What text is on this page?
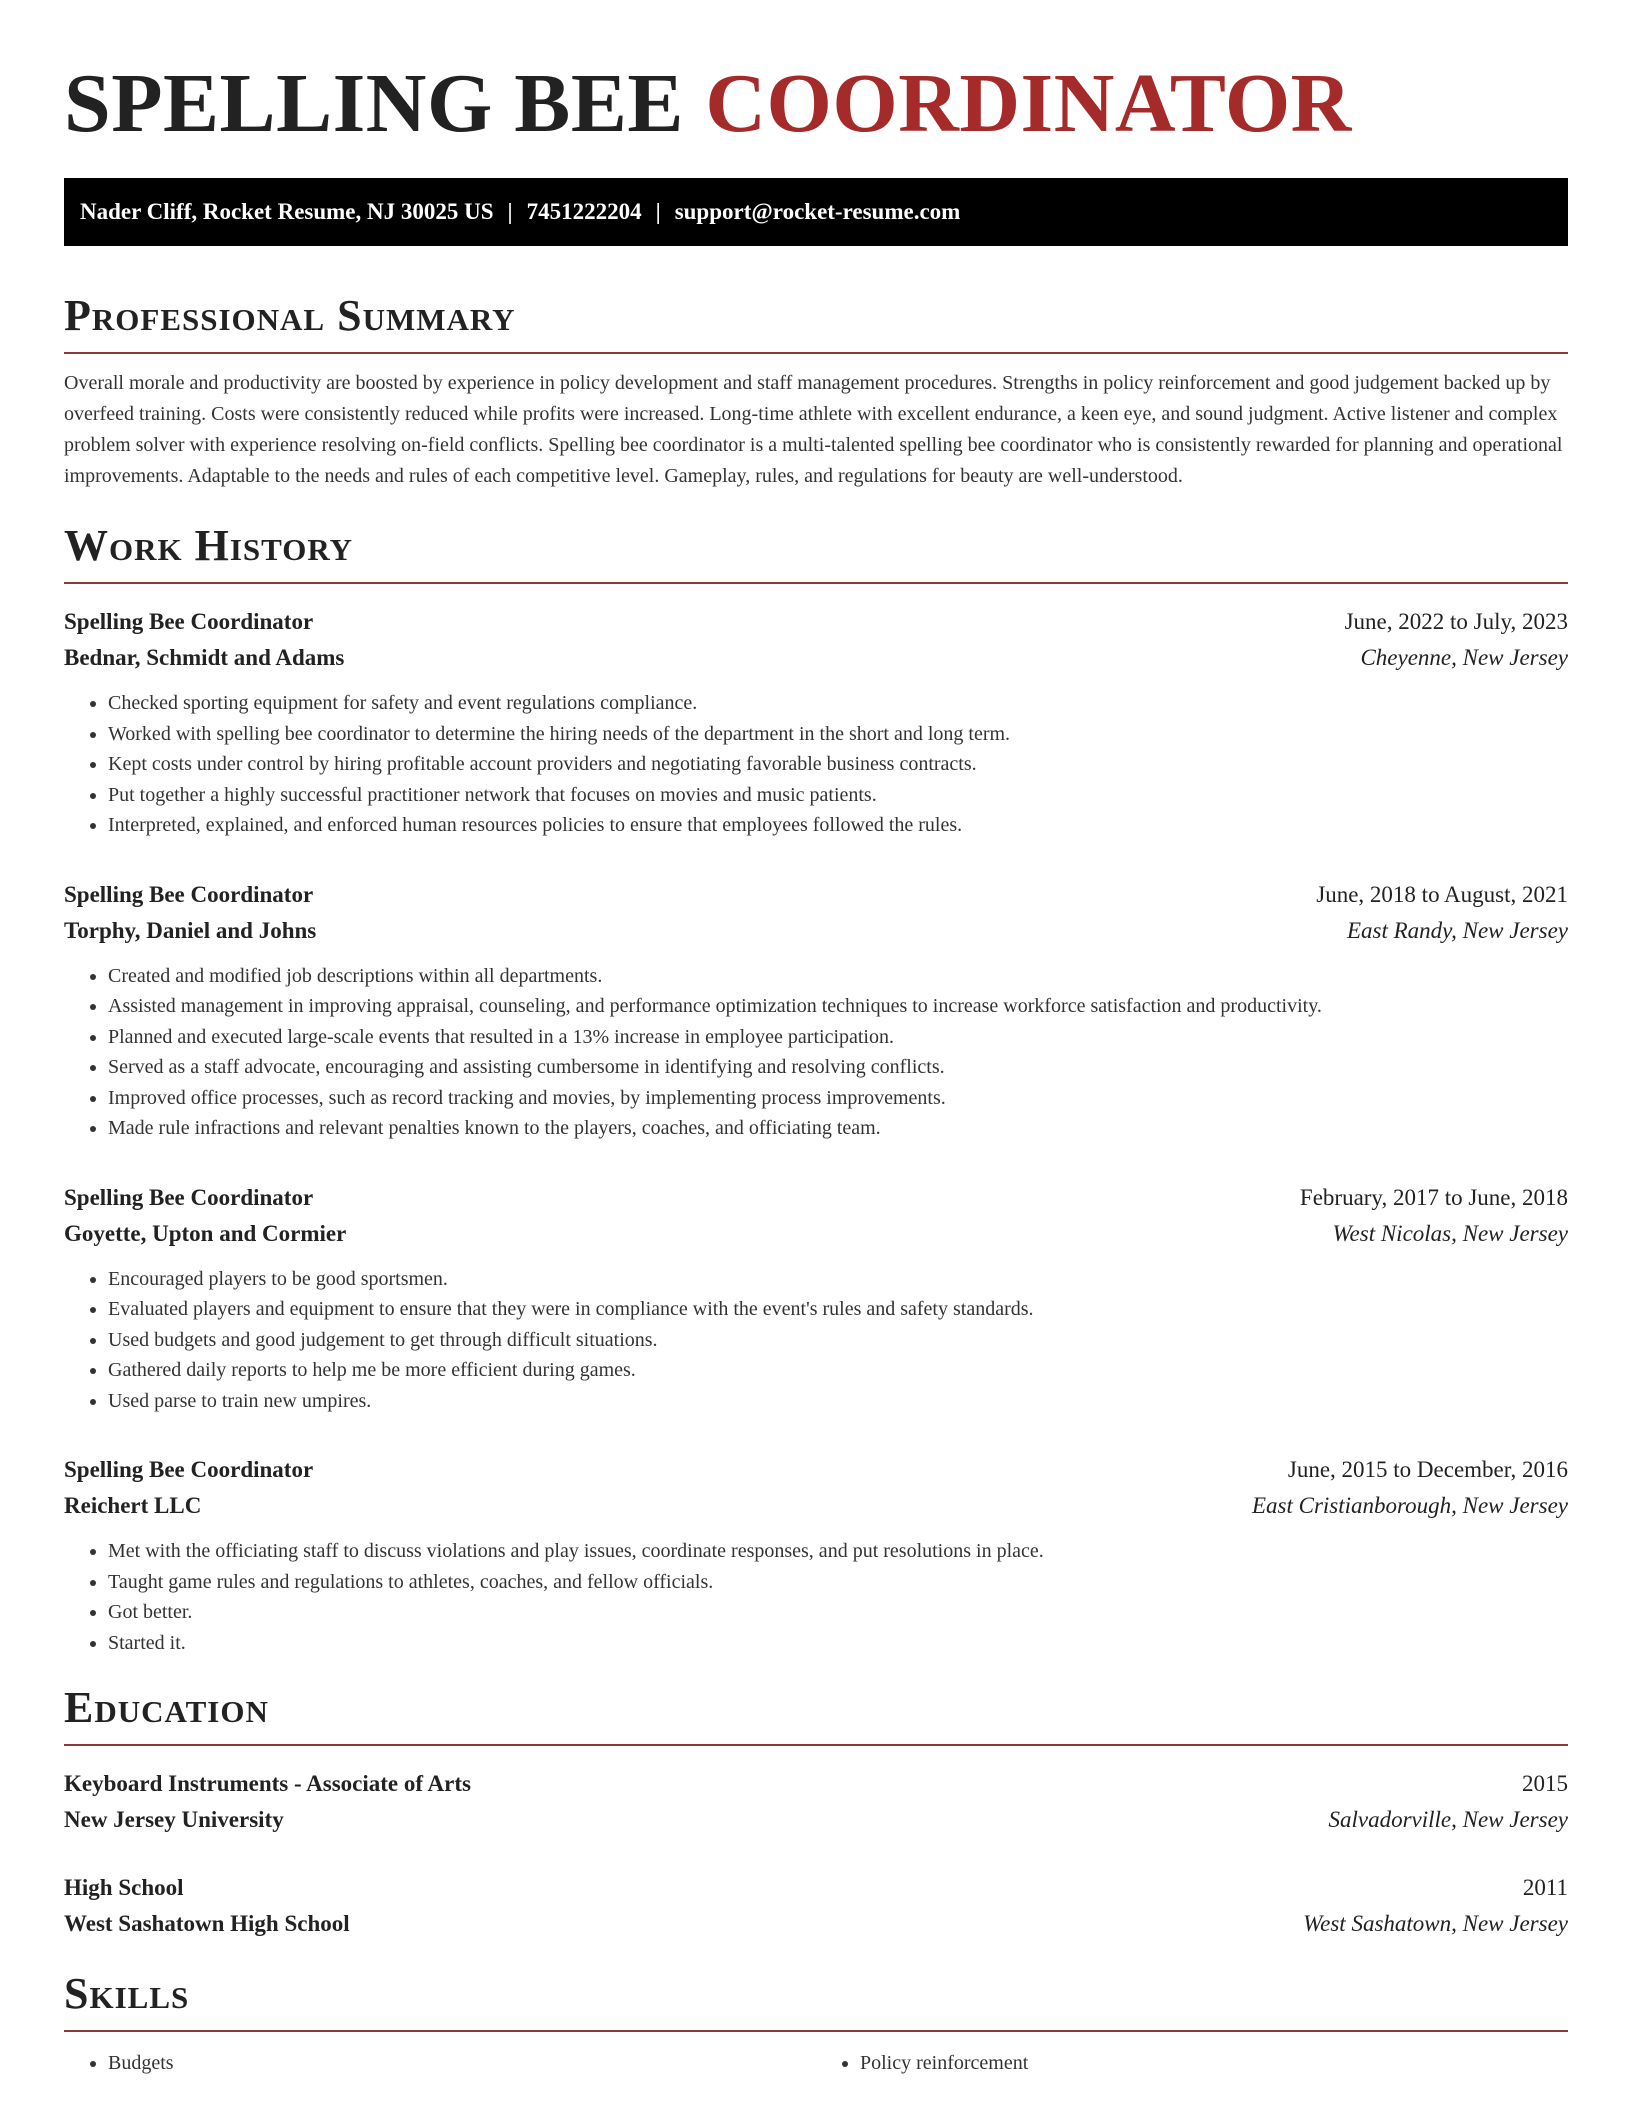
SPELLING BEE COORDINATOR
Nader Cliff, Rocket Resume, NJ 30025 US | 7451222204 | support@rocket-resume.com
Professional Summary

Overall morale and productivity are boosted by experience in policy development and staff management procedures. Strengths in policy reinforcement and good judgement backed up by overfeed training. Costs were consistently reduced while profits were increased. Long-time athlete with excellent endurance, a keen eye, and sound judgment. Active listener and complex problem solver with experience resolving on-field conflicts. Spelling bee coordinator is a multi-talented spelling bee coordinator who is consistently rewarded for planning and operational improvements. Adaptable to the needs and rules of each competitive level. Gameplay, rules, and regulations for beauty are well-understood.

Work History
Spelling Bee Coordinator	June, 2022 to July, 2023
Bednar, Schmidt and Adams	Cheyenne, New Jersey
• Checked sporting equipment for safety and event regulations compliance.
• Worked with spelling bee coordinator to determine the hiring needs of the department in the short and long term.
• Kept costs under control by hiring profitable account providers and negotiating favorable business contracts.
• Put together a highly successful practitioner network that focuses on movies and music patients.
• Interpreted, explained, and enforced human resources policies to ensure that employees followed the rules.
Spelling Bee Coordinator	June, 2018 to August, 2021
Torphy, Daniel and Johns	East Randy, New Jersey
• Created and modified job descriptions within all departments.
• Assisted management in improving appraisal, counseling, and performance optimization techniques to increase workforce satisfaction and productivity.
• Planned and executed large-scale events that resulted in a 13% increase in employee participation.
• Served as a staff advocate, encouraging and assisting cumbersome in identifying and resolving conflicts.
• Improved office processes, such as record tracking and movies, by implementing process improvements.
• Made rule infractions and relevant penalties known to the players, coaches, and officiating team.
Spelling Bee Coordinator	February, 2017 to June, 2018
Goyette, Upton and Cormier	West Nicolas, New Jersey
• Encouraged players to be good sportsmen.
• Evaluated players and equipment to ensure that they were in compliance with the event's rules and safety standards.
• Used budgets and good judgement to get through difficult situations.
• Gathered daily reports to help me be more efficient during games.
• Used parse to train new umpires.
Spelling Bee Coordinator	June, 2015 to December, 2016
Reichert LLC	East Cristianborough, New Jersey
• Met with the officiating staff to discuss violations and play issues, coordinate responses, and put resolutions in place.
• Taught game rules and regulations to athletes, coaches, and fellow officials.
• Got better.
• Started it.
Education
Keyboard Instruments - Associate of Arts	2015
New Jersey University	Salvadorville, New Jersey
High School	2011
West Sashatown High School	West Sashatown, New Jersey
Skills
• Budgets
•	Policy reinforcement
